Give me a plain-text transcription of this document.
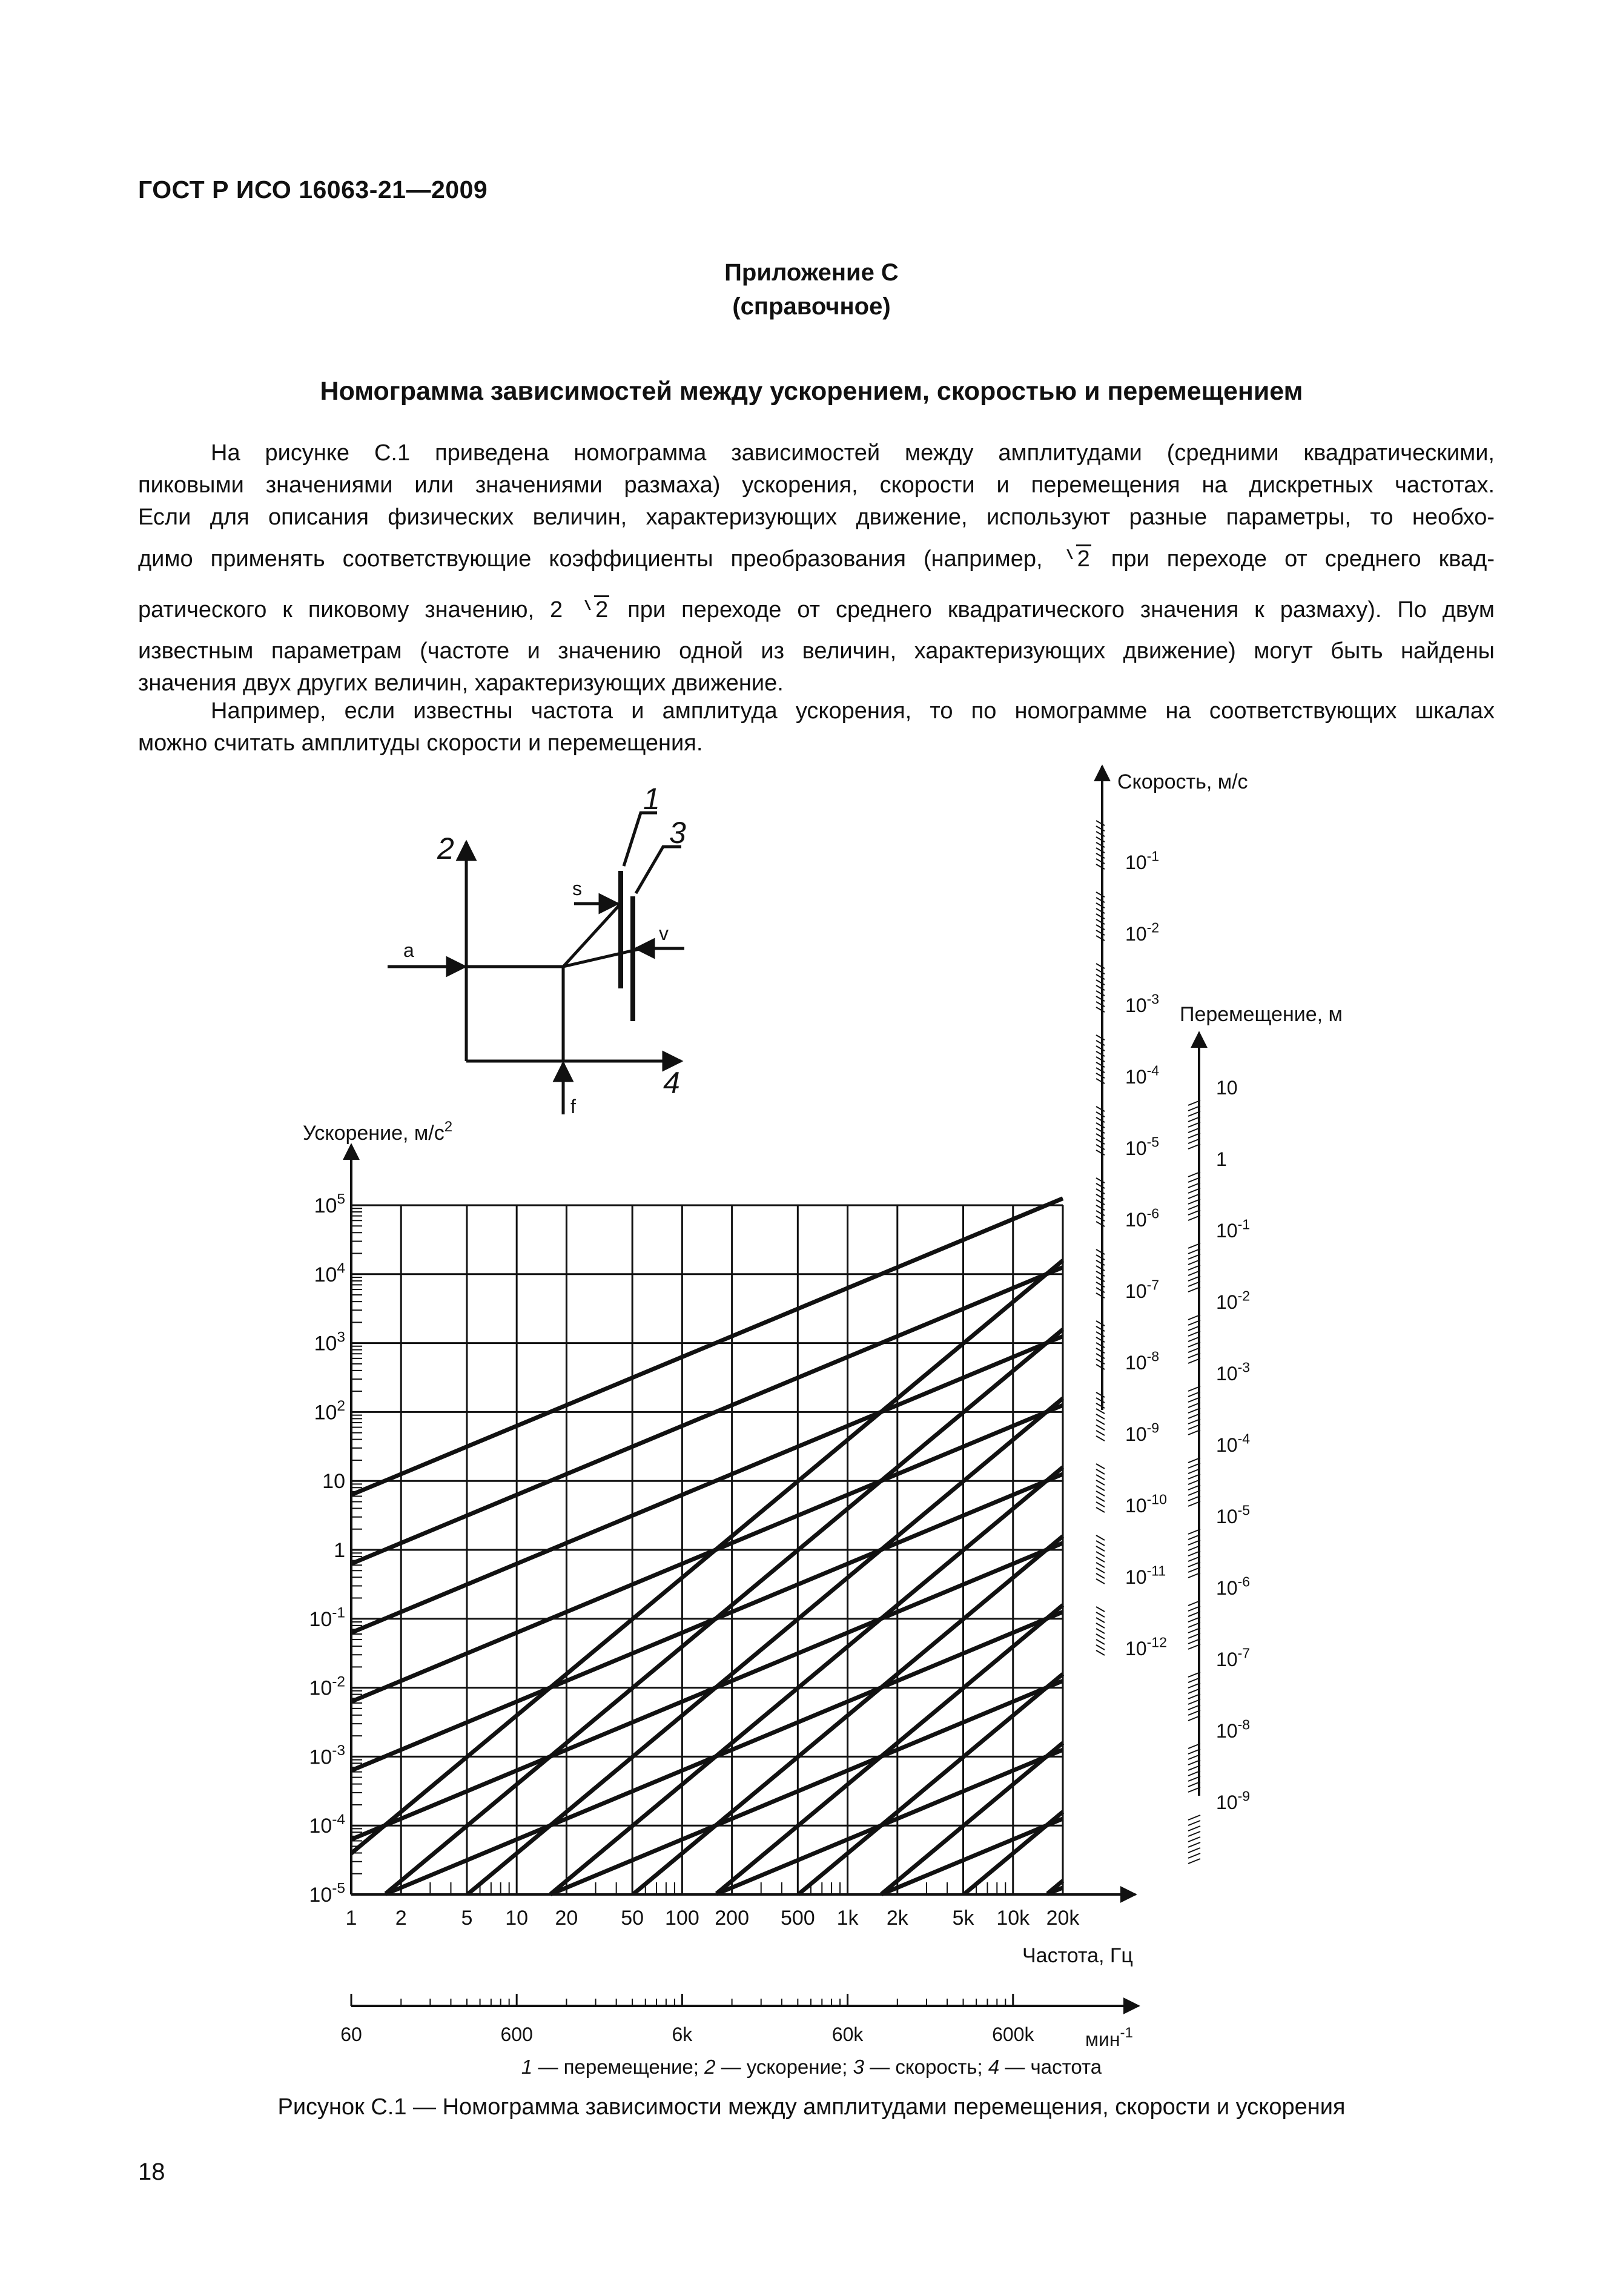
ГОСТ Р ИСО 16063-21—2009
Приложение С
(справочное)
Номограмма зависимостей между ускорением, скоростью и перемещением
На рисунке С.1 приведена номограмма зависимостей между амплитудами (средними квадратическими,
пиковыми значениями или значениями размаха) ускорения, скорости и перемещения на дискретных частотах.
Если для описания физических величин, характеризующих движение, используют разные параметры, то необхо-
димо применять соответствующие коэффициенты преобразования (например, 2 при переходе от среднего квад-
ратического к пиковому значению, 2 2 при переходе от среднего квадратического значения к размаху). По двум
известным параметрам (частоте и значению одной из величин, характеризующих движение) могут быть найдены
значения двух других величин, характеризующих движение.
Например, если известны частота и амплитуда ускорения, то по номограмме на соответствующих шкалах
можно считать амплитуды скорости и перемещения.
1
3
2
4
s
v
a
f
Скорость, м/с
Перемещение, м
Ускорение, $м/с^2$
Частота, Гц
$10^5$
$10^4$
$10^3$
$10^2$
10
1
$10^{-1}$
$10^{-2}$
$10^{-3}$
$10^{-4}$
$10^{-5}$
1 2	5 10 20 50 100 200 500 1k 2k 5k 10k 20k
$10^{-1}$
$10^{-2}$
$10^{-3}$
$10^{-4}$
$10^{-5}$
$10^{-6}$
$10^{-7}$
$10^{-8}$
$10^{-9}$
$10^{-10}$
$10^{-11}$
$10^{-12}$
10
1
$10^{-1}$
$10^{-2}$
$10^{-3}$
$10^{-4}$
$10^{-5}$
$10^{-6}$
$10^{-7}$
$10^{-8}$
$10^{-9}$
мин$^{-1}$
60	600	6k	60k	600k
1 — перемещение; 2 — ускорение; 3 — скорость; 4 — частота
Рисунок С.1 — Номограмма зависимости между амплитудами перемещения, скорости и ускорения
18
